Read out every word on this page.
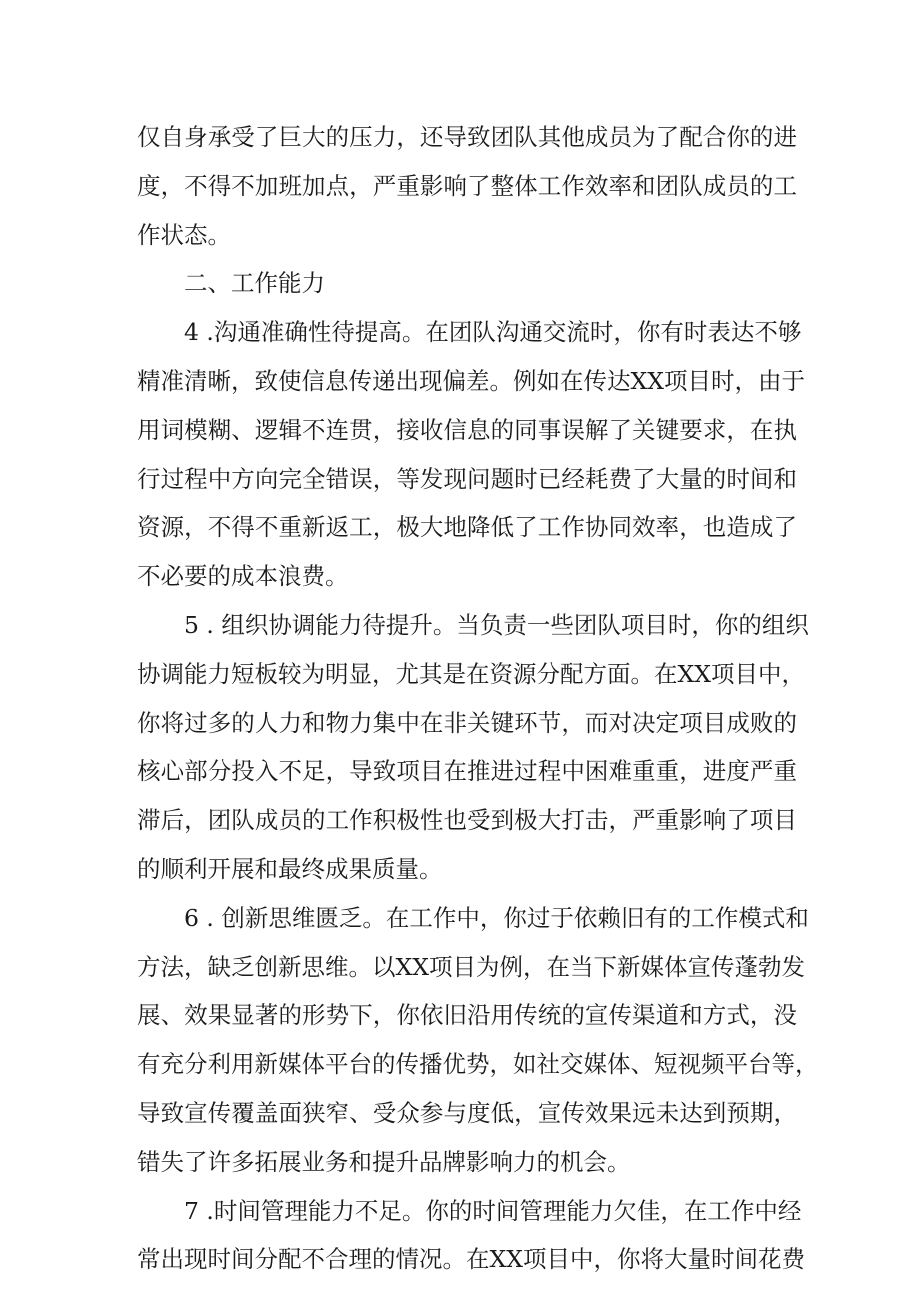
仅自身承受了巨大的压力，还导致团队其他成员为了配合你的进
度，不得不加班加点，严重影响了整体工作效率和团队成员的工
作状态。
二、工作能力
4 .沟通准确性待提高。在团队沟通交流时，你有时表达不够
精准清晰，致使信息传递出现偏差。例如在传达XX项目时，由于
用词模糊、逻辑不连贯，接收信息的同事误解了关键要求，在执
行过程中方向完全错误，等发现问题时已经耗费了大量的时间和
资源，不得不重新返工，极大地降低了工作协同效率，也造成了
不必要的成本浪费。
5 . 组织协调能力待提升。当负责一些团队项目时，你的组织
协调能力短板较为明显，尤其是在资源分配方面。在XX项目中，
你将过多的人力和物力集中在非关键环节，而对决定项目成败的
核心部分投入不足，导致项目在推进过程中困难重重，进度严重
滞后，团队成员的工作积极性也受到极大打击，严重影响了项目
的顺利开展和最终成果质量。
6 . 创新思维匮乏。在工作中，你过于依赖旧有的工作模式和
方法，缺乏创新思维。以XX项目为例，在当下新媒体宣传蓬勃发
展、效果显著的形势下，你依旧沿用传统的宣传渠道和方式，没
有充分利用新媒体平台的传播优势，如社交媒体、短视频平台等，
导致宣传覆盖面狭窄、受众参与度低，宣传效果远未达到预期，
错失了许多拓展业务和提升品牌影响力的机会。
7 .时间管理能力不足。你的时间管理能力欠佳，在工作中经
常出现时间分配不合理的情况。在XX项目中，你将大量时间花费
